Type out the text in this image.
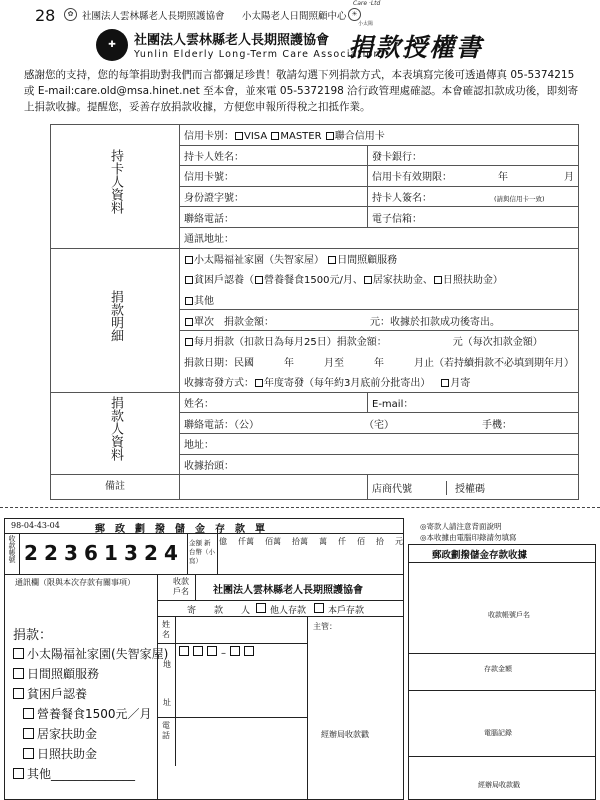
28	✿ 社團法人雲林縣老人長期照護協會 小太陽老人日間照顧中心 ☀
Care ·Ltd
小太陽
✚	社團法人雲林縣老人長期照護協會
Yunlin Elderly Long-Term Care Association
捐款授權書
感謝您的支持，您的每筆捐助對我們而言都彌足珍貴！敬請勾選下列捐款方式，本表填寫完後可透過傳真 05-5374215 或 E-mail:care.old@msa.hinet.net 至本會，並來電 05-5372198 洽行政管理處確認。本會確認扣款成功後，即刻寄上捐款收據。提醒您，妥善存放捐款收據，方便您申報所得稅之扣抵作業。
持卡人資料	信用卡別： VISA MASTER 聯合信用卡	
	持卡人姓名：	發卡銀行：
	信用卡號：	信用卡有效期限： 年 月
	身份證字號：	持卡人簽名： (請與信用卡一致)
	聯絡電話：	電子信箱：
	通訊地址：	
捐款明細	小太陽福祉家園（失智家屋） 日間照顧服務	
	貧困戶認養（ 營養餐食1500元/月、 居家扶助金、 日照扶助金）	
	其他	
	單次　捐款金額： 元：收據於扣款成功後寄出。	
	每月捐款（扣款日為每月25日）捐款金額： 元（每次扣款金額）	
	捐款日期：民國　　　年　　　月至　　　年　　　月止（若持續捐款不必填到期年月）	
	收據寄發方式： 年度寄發（每年約3月底前分批寄出） 月寄	
捐款人資料	姓名：	E-mail：
	聯絡電話：（公） （宅） 手機：	
	地址：	
	收據抬頭：	
備註		店商代號 授權碼
98-04-43-04	郵　政　劃　撥　儲　金　存　款　單
收款帳號 2 2 3 6 1 3 2 4	金額 新台幣（小寫）
億 仟萬 佰萬 拾萬 萬 仟 佰 拾 元
通訊欄（限與本次存款有關事項）	收款戶名	社團法人雲林縣老人長期照護協會
寄　　款　　人 他人存款 本戶存款
姓名
–
地
址
電話
主管：
經辦局收款戳
捐款：
小太陽福祉家園(失智家屋)
日間照顧服務
貧困戶認養
營養餐食1500元／月
居家扶助金
日照扶助金
其他______________
◎寄款人請注意背面說明
◎本收據由電腦印錄請勿填寫
郵政劃撥儲金存款收據
收款帳號戶名
存款金額
電腦記錄
經辦局收款戳
